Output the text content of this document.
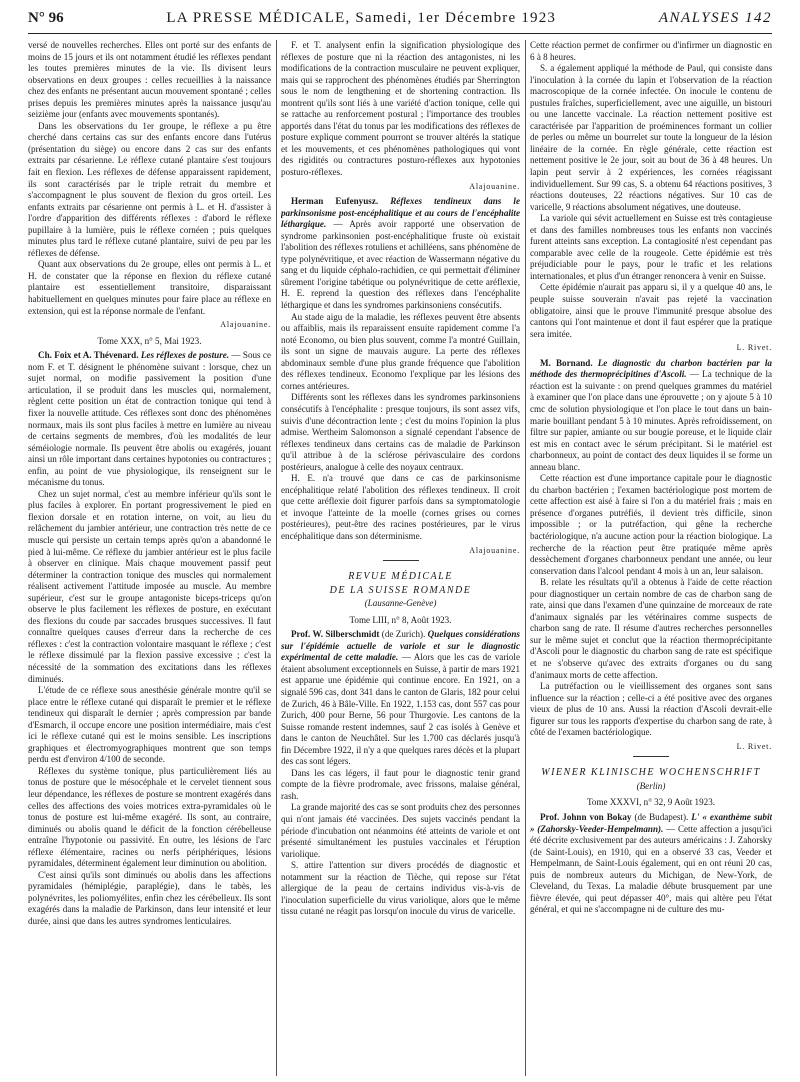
N° 96	LA PRESSE MÉDICALE, Samedi, 1er Décembre 1923	ANALYSES 142

versé de nouvelles recherches. Elles ont porté sur des enfants de moins de 15 jours et ils ont notamment étudié les réflexes pendant les toutes premières minutes de la vie. Ils divisent leurs observations en deux groupes : celles recueillies à la naissance chez des enfants ne présentant aucun mouvement spontané ; celles prises depuis les premières minutes après la naissance jusqu'au seizième jour (enfants avec mouvements spontanés).

Dans les observations du 1er groupe, le réflexe a pu être cherché dans certains cas sur des enfants encore dans l'utérus (présentation du siège) ou encore dans 2 cas sur des enfants extraits par césarienne. Le réflexe cutané plantaire s'est toujours fait en flexion. Les réflexes de défense apparaissent rapidement, ils sont caractérisés par le triple retrait du membre et s'accompagnent le plus souvent de flexion du gros orteil. Les enfants extraits par césarienne ont permis à L. et H. d'assister à l'ordre d'apparition des différents réflexes : d'abord le réflexe pupillaire à la lumière, puis le réflexe cornéen ; puis quelques minutes plus tard le réflexe cutané plantaire, suivi de peu par les réflexes de défense.

Quant aux observations du 2e groupe, elles ont permis à L. et H. de constater que la réponse en flexion du réflexe cutané plantaire est essentiellement transitoire, disparaissant habituellement en quelques minutes pour faire place au réflexe en extension, qui est la réponse normale de l'enfant.

Alajouanine.

Tome XXX, n° 5, Mai 1923.

Ch. Foix et A. Thévenard. Les réflexes de posture. — Sous ce nom F. et T. désignent le phénomène suivant : lorsque, chez un sujet normal, on modifie passivement la position d'une articulation, il se produit dans les muscles qui, normalement, règlent cette position un état de contraction tonique qui tend à fixer la nouvelle attitude. Ces réflexes sont donc des phénomènes normaux, mais ils sont plus faciles à mettre en lumière au niveau de certains segments de membres, d'où les modalités de leur séméiologie normale. Ils peuvent être abolis ou exagérés, jouant ainsi un rôle important dans certaines hypotonies ou contractures ; enfin, au point de vue physiologique, ils renseignent sur le mécanisme du tonus.

Chez un sujet normal, c'est au membre inférieur qu'ils sont le plus faciles à explorer. En portant progressivement le pied en flexion dorsale et en rotation interne, on voit, au lieu du relâchement du jambier antérieur, une contraction très nette de ce muscle qui persiste un certain temps après qu'on a abandonné le pied à lui-même. Ce réflexe du jambier antérieur est le plus facile à observer en clinique. Mais chaque mouvement passif peut déterminer la contraction tonique des muscles qui normalement réalisent activement l'attitude imposée au muscle. Au membre supérieur, c'est sur le groupe antagoniste biceps-triceps qu'on observe le plus facilement les réflexes de posture, en exécutant des flexions du coude par saccades brusques successives. Il faut connaître quelques causes d'erreur dans la recherche de ces réflexes : c'est la contraction volontaire masquant le réflexe ; c'est le réflexe dissimulé par la flexion passive excessive ; c'est la nécessité de la sommation des excitations dans les réflexes diminués.

L'étude de ce réflexe sous anesthésie générale montre qu'il se place entre le réflexe cutané qui disparaît le premier et le réflexe tendineux qui disparaît le dernier ; après compression par bande d'Esmarch, il occupe encore une position intermédiaire, mais c'est ici le réflexe cutané qui est le moins sensible. Les inscriptions graphiques et électromyographiques montrent que son temps perdu est d'environ 4/100 de seconde.

Réflexes du système tonique, plus particulièrement liés au tonus de posture que le mésocéphale et le cervelet tiennent sous leur dépendance, les réflexes de posture se montrent exagérés dans celles des affections des voies motrices extra-pyramidales où le tonus de posture est lui-même exagéré. Ils sont, au contraire, diminués ou abolis quand le déficit de la fonction cérébelleuse entraîne l'hypotonie ou passivité. En outre, les lésions de l'arc réflexe élémentaire, racines ou nerfs périphériques, lésions pyramidales, déterminent également leur diminution ou abolition.

C'est ainsi qu'ils sont diminués ou abolis dans les affections pyramidales (hémiplégie, paraplégie), dans le tabès, les polynévrites, les poliomyélites, enfin chez les cérébelleux. Ils sont exagérés dans la maladie de Parkinson, dans leur intensité et leur durée, ainsi que dans les autres syndromes lenticulaires.

F. et T. analysent enfin la signification physiologique des réflexes de posture que ni la réaction des antagonistes, ni les modifications de la contraction musculaire ne peuvent expliquer, mais qui se rapprochent des phénomènes étudiés par Sherrington sous le nom de lengthening et de shortening contraction. Ils montrent qu'ils sont liés à une variété d'action tonique, celle qui se rattache au renforcement postural ; l'importance des troubles apportés dans l'état du tonus par les modifications des réflexes de posture explique comment pourront se trouver altérés la statique et les mouvements, et ces phénomènes pathologiques qui vont des rigidités ou contractures posturo-réflexes aux hypotonies posturo-réflexes.

Alajouanine.

Herman Eufenyusz. Réflexes tendineux dans le parkinsonisme post-encéphalitique et au cours de l'encéphalite léthargique. — Après avoir rapporté une observation de syndrome parkinsonien post-encéphalitique fruste où existait l'abolition des réflexes rotuliens et achilléens, sans phénomène de type polynévritique, et avec réaction de Wassermann négative du sang et du liquide céphalo-rachidien, ce qui permettait d'éliminer sûrement l'origine tabétique ou polynévritique de cette aréflexie, H. E. reprend la question des réflexes dans l'encéphalite léthargique et dans les syndromes parkinsoniens consécutifs.

Au stade aigu de la maladie, les réflexes peuvent être absents ou affaiblis, mais ils reparaissent ensuite rapidement comme l'a noté Economo, ou bien plus souvent, comme l'a montré Guillain, ils sont un signe de mauvais augure. La perte des réflexes abdominaux semble d'une plus grande fréquence que l'abolition des réflexes tendineux. Economo l'explique par les lésions des cornes antérieures.

Différents sont les réflexes dans les syndromes parkinsoniens consécutifs à l'encéphalite : presque toujours, ils sont assez vifs, suivis d'une décontraction lente ; c'est du moins l'opinion la plus admise. Wertheim Salomonson a signalé cependant l'absence de réflexes tendineux dans certains cas de maladie de Parkinson qu'il attribue à de la sclérose périvasculaire des cordons postérieurs, analogue à celle des noyaux centraux.

H. E. n'a trouvé que dans ce cas de parkinsonisme encéphalitique relaté l'abolition des réflexes tendineux. Il croit que cette aréflexie doit figurer parfois dans sa symptomatologie et invoque l'atteinte de la moelle (cornes grises ou cornes postérieures), peut-être des racines postérieures, par le virus encéphalitique dans son déterminisme.

Alajouanine.

REVUE MÉDICALE

DE LA SUISSE ROMANDE

(Lausanne-Genève)

Tome LIII, n° 8, Août 1923.

Prof. W. Silberschmidt (de Zurich). Quelques considérations sur l'épidémie actuelle de variole et sur le diagnostic expérimental de cette maladie. — Alors que les cas de variole étaient absolument exceptionnels en Suisse, à partir de mars 1921 est apparue une épidémie qui continue encore. En 1921, on a signalé 596 cas, dont 341 dans le canton de Glaris, 182 pour celui de Zurich, 46 à Bâle-Ville. En 1922, 1.153 cas, dont 557 cas pour Zurich, 400 pour Berne, 56 pour Thurgovie. Les cantons de la Suisse romande restent indemnes, sauf 2 cas isolés à Genève et dans le canton de Neuchâtel. Sur les 1.700 cas déclarés jusqu'à fin Décembre 1922, il n'y a que quelques rares décès et la plupart des cas sont légers.

Dans les cas légers, il faut pour le diagnostic tenir grand compte de la fièvre prodromale, avec frissons, malaise général, rash.

La grande majorité des cas se sont produits chez des personnes qui n'ont jamais été vaccinées. Des sujets vaccinés pendant la période d'incubation ont néanmoins été atteints de variole et ont présenté simultanément les pustules vaccinales et l'éruption variolique.

S. attire l'attention sur divers procédés de diagnostic et notamment sur la réaction de Tièche, qui repose sur l'état allergique de la peau de certains individus vis-à-vis de l'inoculation superficielle du virus variolique, alors que le même tissu cutané ne réagit pas lorsqu'on inocule du virus de varicelle.

Cette réaction permet de confirmer ou d'infirmer un diagnostic en 6 à 8 heures.

S. a également appliqué la méthode de Paul, qui consiste dans l'inoculation à la cornée du lapin et l'observation de la réaction macroscopique de la cornée infectée. On inocule le contenu de pustules fraîches, superficiellement, avec une aiguille, un bistouri ou une lancette vaccinale. La réaction nettement positive est caractérisée par l'apparition de proéminences formant un collier de perles ou même un bourrelet sur toute la longueur de la lésion linéaire de la cornée. En règle générale, cette réaction est nettement positive le 2e jour, soit au bout de 36 à 48 heures. Un lapin peut servir à 2 expériences, les cornées réagissant individuellement. Sur 99 cas, S. a obtenu 64 réactions positives, 3 réactions douteuses, 22 réactions négatives. Sur 10 cas de varicelle, 9 réactions absolument négatives, une douteuse.

La variole qui sévit actuellement en Suisse est très contagieuse et dans des familles nombreuses tous les enfants non vaccinés furent atteints sans exception. La contagiosité n'est cependant pas comparable avec celle de la rougeole. Cette épidémie est très préjudiciable pour le pays, pour le trafic et les relations internationales, et plus d'un étranger renoncera à venir en Suisse.

Cette épidémie n'aurait pas apparu si, il y a quelque 40 ans, le peuple suisse souverain n'avait pas rejeté la vaccination obligatoire, ainsi que le prouve l'immunité presque absolue des cantons qui l'ont maintenue et dont il faut espérer que la pratique sera imitée.

L. Rivet.

M. Bornand. Le diagnostic du charbon bactérien par la méthode des thermoprécipitines d'Ascoli. — La technique de la réaction est la suivante : on prend quelques grammes du matériel à examiner que l'on place dans une éprouvette ; on y ajoute 5 à 10 cmc de solution physiologique et l'on place le tout dans un bain-marie bouillant pendant 5 à 10 minutes. Après refroidissement, on filtre sur papier, amiante ou sur bougie poreuse, et le liquide clair est mis en contact avec le sérum précipitant. Si le matériel est charbonneux, au point de contact des deux liquides il se forme un anneau blanc.

Cette réaction est d'une importance capitale pour le diagnostic du charbon bactérien ; l'examen bactériologique post mortem de cette affection est aisé à faire si l'on a du matériel frais ; mais en présence d'organes putréfiés, il devient très difficile, sinon impossible ; or la putréfaction, qui gêne la recherche bactériologique, n'a aucune action pour la réaction biologique. La recherche de la réaction peut être pratiquée même après dessèchement d'organes charbonneux pendant une année, ou leur conservation dans l'alcool pendant 4 mois à un an, leur salaison.

B. relate les résultats qu'il a obtenus à l'aide de cette réaction pour diagnostiquer un certain nombre de cas de charbon sang de rate, ainsi que dans l'examen d'une quinzaine de morceaux de rate d'animaux signalés par les vétérinaires comme suspects de charbon sang de rate. Il résume d'autres recherches personnelles sur le même sujet et conclut que la réaction thermoprécipitante d'Ascoli pour le diagnostic du charbon sang de rate est spécifique et ne s'observe qu'avec des extraits d'organes ou du sang d'animaux morts de cette affection.

La putréfaction ou le vieillissement des organes sont sans influence sur la réaction ; celle-ci a été positive avec des organes vieux de plus de 10 ans. Aussi la réaction d'Ascoli devrait-elle figurer sur tous les rapports d'expertise du charbon sang de rate, à côté de l'examen bactériologique.

L. Rivet.

WIENER KLINISCHE WOCHENSCHRIFT

(Berlin)

Tome XXXVI, n° 32, 9 Août 1923.

Prof. Johnn von Bokay (de Budapest). L' « exanthème subit » (Zahorsky-Veeder-Hempelmann). — Cette affection a jusqu'ici été décrite exclusivement par des auteurs américains : J. Zahorsky (de Saint-Louis), en 1910, qui en a observé 33 cas, Veeder et Hempelmann, de Saint-Louis également, qui en ont réuni 20 cas, puis de nombreux auteurs du Michigan, de New-York, de Cleveland, du Texas. La maladie débute brusquement par une fièvre élevée, qui peut dépasser 40°, mais qui altère peu l'état général, et qui ne s'accompagne ni de culture des mu-
